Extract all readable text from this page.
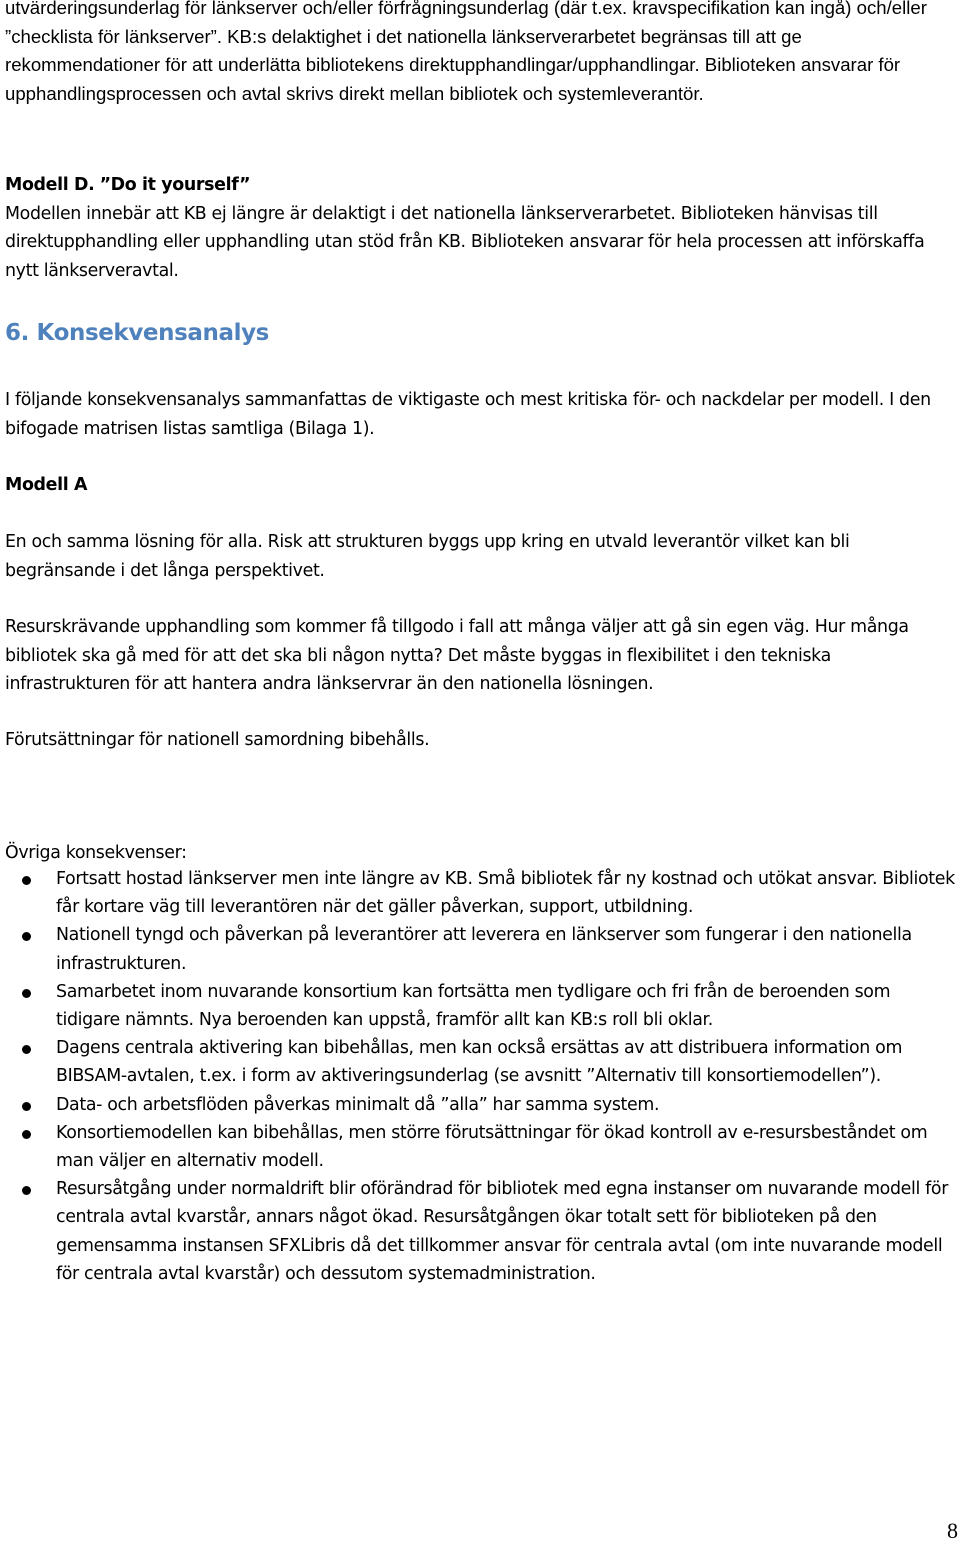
utvärderingsunderlag för länkserver och/eller förfrågningsunderlag (där t.ex. kravspecifikation kan ingå) och/eller ”checklista för länkserver”. KB:s delaktighet i det nationella länkserverarbetet begränsas till att ge rekommendationer för att underlätta bibliotekens direktupphandlingar/upphandlingar. Biblioteken ansvarar för upphandlingsprocessen och avtal skrivs direkt mellan bibliotek och systemleverantör.
Modell D. ”Do it yourself”
Modellen innebär att KB ej längre är delaktigt i det nationella länkserverarbetet. Biblioteken hänvisas till direktupphandling eller upphandling utan stöd från KB. Biblioteken ansvarar för hela processen att införskaffa nytt länkserveravtal.
6. Konsekvensanalys
I följande konsekvensanalys sammanfattas de viktigaste och mest kritiska för- och nackdelar per modell. I den bifogade matrisen listas samtliga (Bilaga 1).
Modell A
En och samma lösning för alla. Risk att strukturen byggs upp kring en utvald leverantör vilket kan bli begränsande i det långa perspektivet.
Resurskrävande upphandling som kommer få tillgodo i fall att många väljer att gå sin egen väg. Hur många bibliotek ska gå med för att det ska bli någon nytta? Det måste byggas in flexibilitet i den tekniska infrastrukturen för att hantera andra länkservrar än den nationella lösningen.
Förutsättningar för nationell samordning bibehålls.
Övriga konsekvenser:
Fortsatt hostad länkserver men inte längre av KB. Små bibliotek får ny kostnad och utökat ansvar. Bibliotek får kortare väg till leverantören när det gäller påverkan, support, utbildning.
Nationell tyngd och påverkan på leverantörer att leverera en länkserver som fungerar i den nationella infrastrukturen.
Samarbetet inom nuvarande konsortium kan fortsätta men tydligare och fri från de beroenden som tidigare nämnts. Nya beroenden kan uppstå, framför allt kan KB:s roll bli oklar.
Dagens centrala aktivering kan bibehållas, men kan också ersättas av att distribuera information om BIBSAM-avtalen, t.ex. i form av aktiveringsunderlag (se avsnitt ”Alternativ till konsortiemodellen”).
Data- och arbetsflöden påverkas minimalt då ”alla” har samma system.
Konsortiemodellen kan bibehållas, men större förutsättningar för ökad kontroll av e-resursbeståndet om man väljer en alternativ modell.
Resursåtgång under normaldrift blir oförändrad för bibliotek med egna instanser om nuvarande modell för centrala avtal kvarstår, annars något ökad. Resursåtgången ökar totalt sett för biblioteken på den gemensamma instansen SFXLibris då det tillkommer ansvar för centrala avtal (om inte nuvarande modell för centrala avtal kvarstår) och dessutom systemadministration.
8
